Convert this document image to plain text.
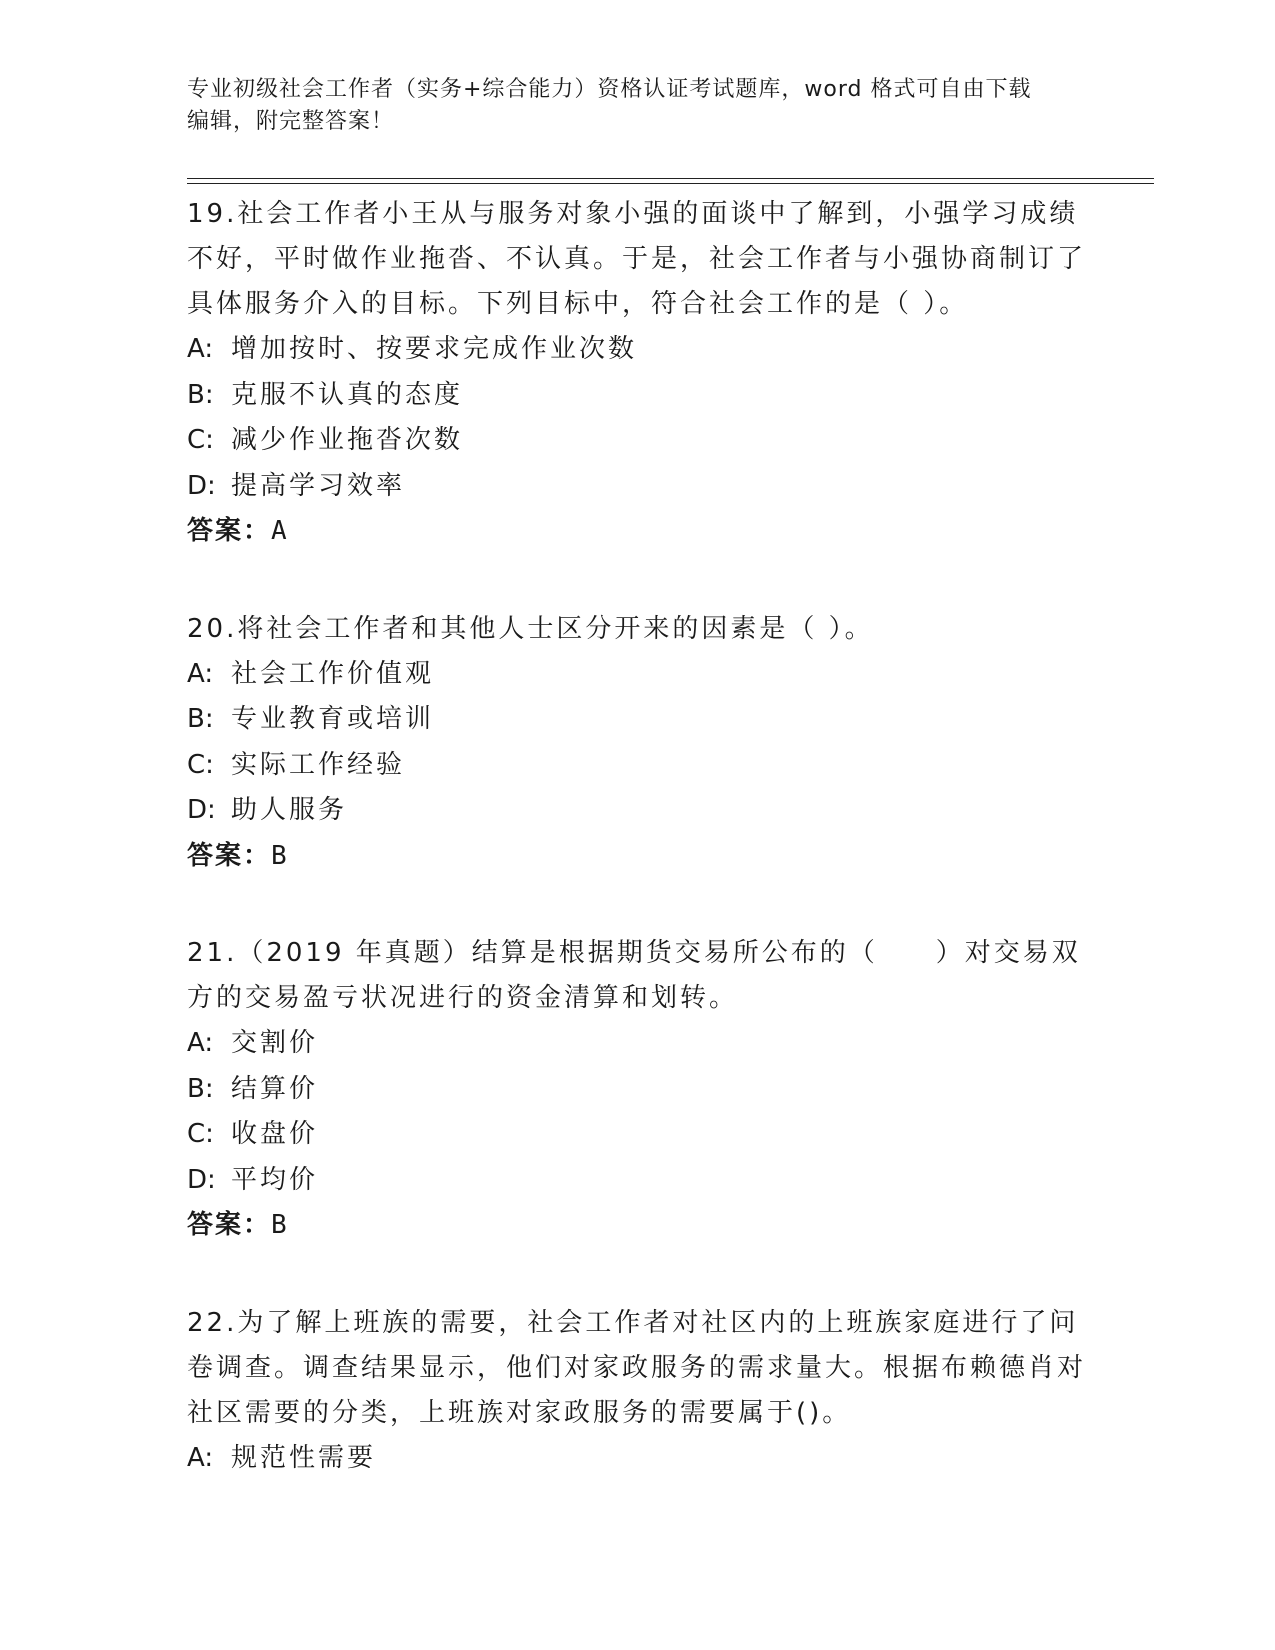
专业初级社会工作者（实务+综合能力）资格认证考试题库，word 格式可自由下载
编辑，附完整答案！

19.社会工作者小王从与服务对象小强的面谈中了解到，小强学习成绩不好，平时做作业拖沓、不认真。于是，社会工作者与小强协商制订了具体服务介入的目标。下列目标中，符合社会工作的是（ ）。

A: 增加按时、按要求完成作业次数

B: 克服不认真的态度

C: 减少作业拖沓次数

D: 提高学习效率

答案：A

20.将社会工作者和其他人士区分开来的因素是（ ）。

A: 社会工作价值观

B: 专业教育或培训

C: 实际工作经验

D: 助人服务

答案：B

21.（2019 年真题）结算是根据期货交易所公布的（　　）对交易双方的交易盈亏状况进行的资金清算和划转。

A: 交割价

B: 结算价

C: 收盘价

D: 平均价

答案：B

22.为了解上班族的需要，社会工作者对社区内的上班族家庭进行了问卷调查。调查结果显示，他们对家政服务的需求量大。根据布赖德肖对社区需要的分类，上班族对家政服务的需要属于()。

A: 规范性需要
